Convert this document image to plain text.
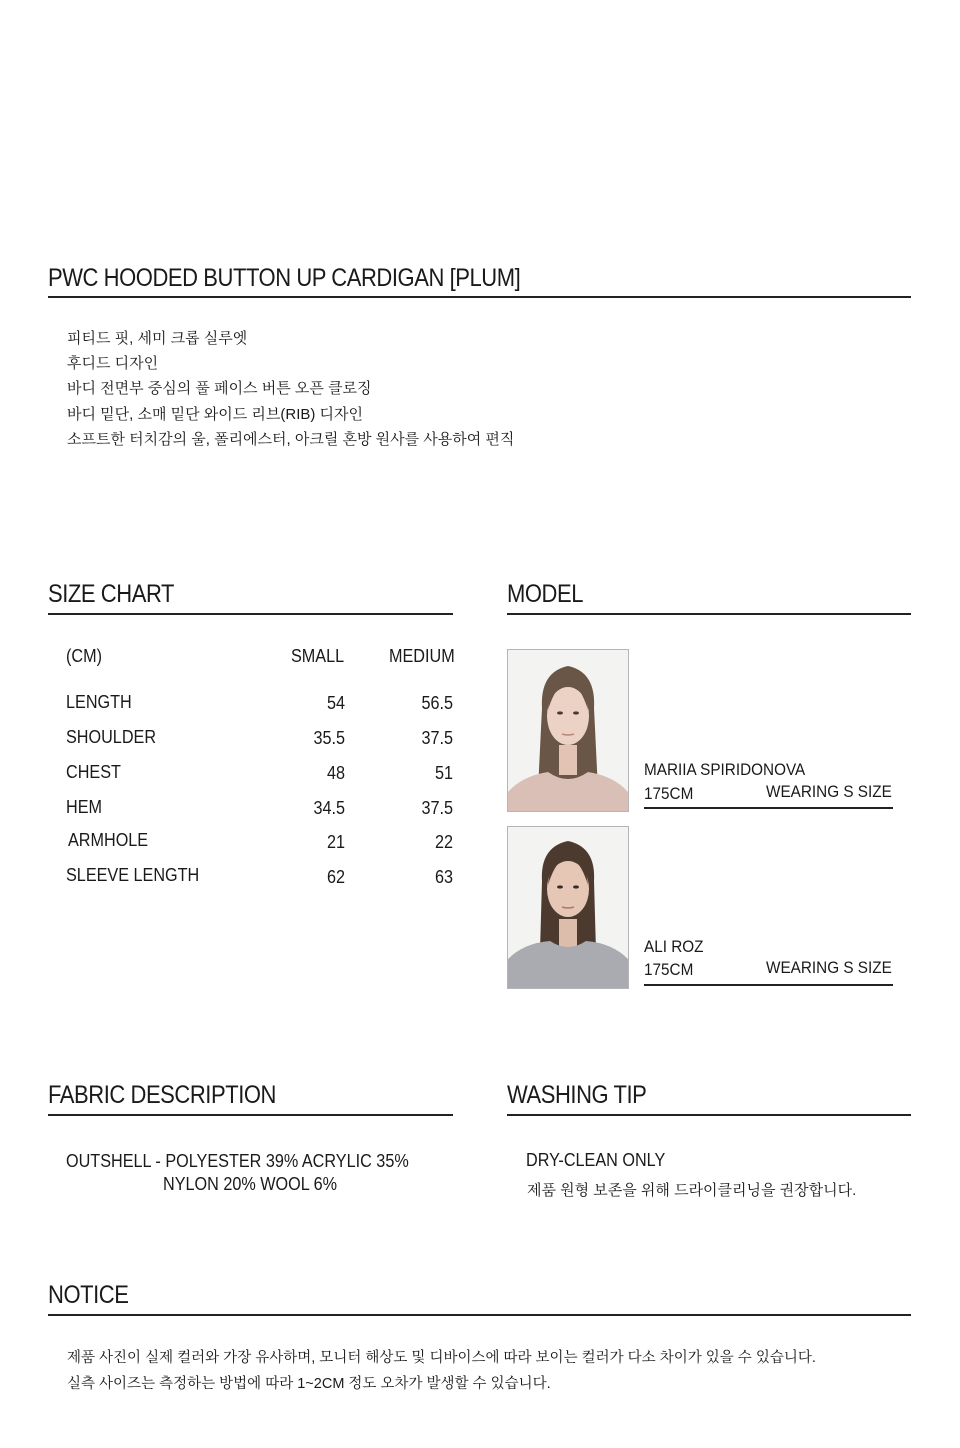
PWC HOODED BUTTON UP CARDIGAN [PLUM]
피티드 핏, 세미 크롭 실루엣
후디드 디자인
바디 전면부 중심의 풀 페이스 버튼 오픈 클로징
바디 밑단, 소매 밑단 와이드 리브(RIB) 디자인
소프트한 터치감의 울, 폴리에스터, 아크릴 혼방 원사를 사용하여 편직
SIZE CHART
(CM)	SMALL MEDIUM
LENGTH	54	56.5
SHOULDER	35.5	37.5
CHEST	48	51
HEM	34.5	37.5
ARMHOLE	21	22
SLEEVE LENGTH	62	63
MODEL
MARIIA SPIRIDONOVA
175CM	WEARING S SIZE
ALI ROZ
175CM	WEARING S SIZE
FABRIC DESCRIPTION
OUTSHELL - POLYESTER 39% ACRYLIC 35%
NYLON 20% WOOL 6%
WASHING TIP
DRY-CLEAN ONLY
제품 원형 보존을 위해 드라이클리닝을 권장합니다.
NOTICE
제품 사진이 실제 컬러와 가장 유사하며, 모니터 해상도 및 디바이스에 따라 보이는 컬러가 다소 차이가 있을 수 있습니다.
실측 사이즈는 측정하는 방법에 따라 1~2CM 정도 오차가 발생할 수 있습니다.
